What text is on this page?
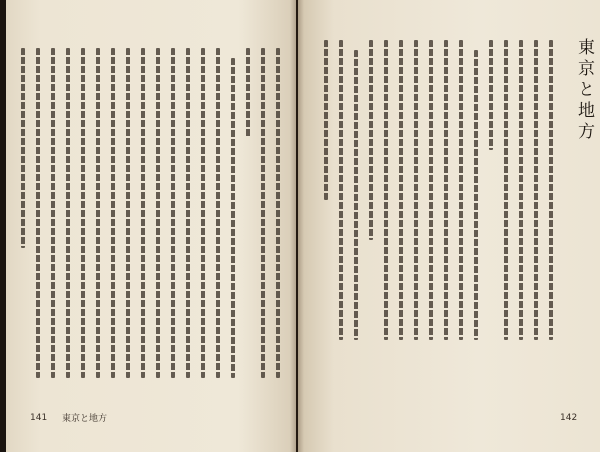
東京と地方
141 東京と地方	142
